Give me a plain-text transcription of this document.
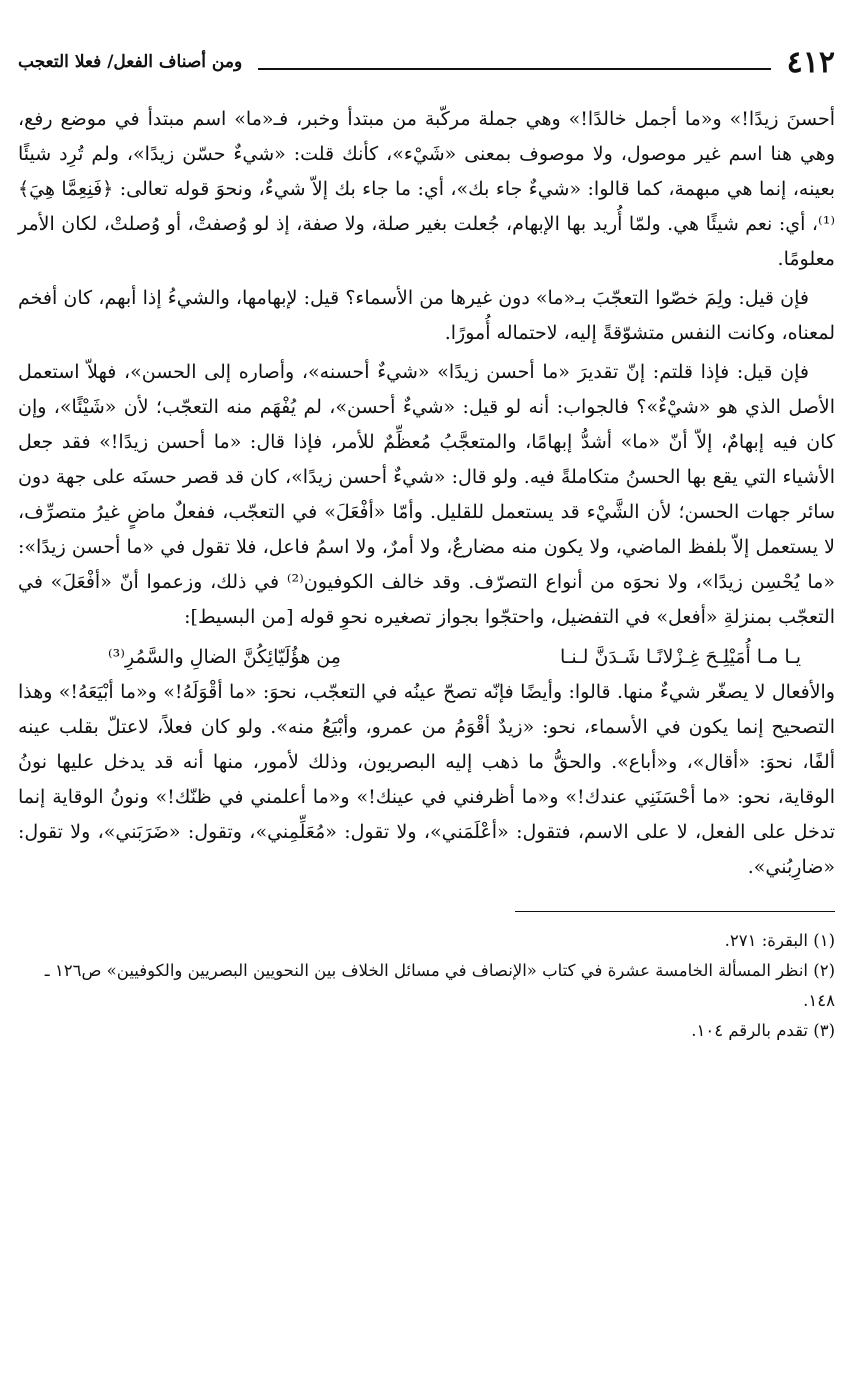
٤١٢
ومن أصناف الفعل/ فعلا التعجب

أحسنَ زيدًا!» و«ما أجمل خالدًا!» وهي جملة مركّبة من مبتدأ وخبر، فـ«ما» اسم مبتدأ في موضع رفع، وهي هنا اسم غير موصول، ولا موصوف بمعنى «شَيْء»، كأنك قلت: «شيءٌ حسّن زيدًا»، ولم تُرِد شيئًا بعينه، إنما هي مبهمة، كما قالوا: «شيءٌ جاء بك»، أي: ما جاء بك إلاّ شيءٌ، ونحوَ قوله تعالى: ﴿فَنِعِمَّا هِيَ﴾⁽¹⁾، أي: نعم شيئًا هي. ولمّا أُريد بها الإبهام، جُعلت بغير صلة، ولا صفة، إذ لو وُصفتْ، أو وُصلتْ، لكان الأمر معلومًا.

فإن قيل: ولِمَ خصّوا التعجّبَ بـ«ما» دون غيرها من الأسماء؟ قيل: لإبهامها، والشيءُ إذا أبهم، كان أفخم لمعناه، وكانت النفس متشوّقةً إليه، لاحتماله أُمورًا.

فإن قيل: فإذا قلتم: إنّ تقديرَ «ما أحسن زيدًا» «شيءٌ أحسنه»، وأصاره إلى الحسن»، فهلاّ استعمل الأصل الذي هو «شيْءٌ»؟ فالجواب: أنه لو قيل: «شيءٌ أحسن»، لم يُفْهَم منه التعجّب؛ لأن «شَيْئًا»، وإن كان فيه إبهامٌ، إلاّ أنّ «ما» أشدُّ إبهامًا، والمتعجَّبُ مُعظِّمٌ للأمر، فإذا قال: «ما أحسن زيدًا!» فقد جعل الأشياء التي يقع بها الحسنُ متكاملةً فيه. ولو قال: «شيءٌ أحسن زيدًا»، كان قد قصر حسنَه على جهة دون سائر جهات الحسن؛ لأن الشَّيْء قد يستعمل للقليل. وأمّا «أفْعَلَ» في التعجّب، ففعلٌ ماضٍ غيرُ متصرِّف، لا يستعمل إلاّ بلفظ الماضي، ولا يكون منه مضارعٌ، ولا أمرٌ، ولا اسمُ فاعل، فلا تقول في «ما أحسن زيدًا»: «ما يُحْسِن زيدًا»، ولا نحوَه من أنواع التصرّف. وقد خالف الكوفيون⁽²⁾ في ذلك، وزعموا أنّ «أفْعَلَ» في التعجّب بمنزلةِ «أفعل» في التفضيل، واحتجّوا بجواز تصغيره نحوِ قوله [من البسيط]:

يـا مـا أُمَيْلِـحَ غِـزْلانًـا شَـدَنَّ لـنـا
مِن هؤُلَيّائِكُنَّ الضالِ والسَّمُرِ⁽³⁾

والأفعال لا يصغّر شيءٌ منها. قالوا: وأيضًا فإنّه تصحّ عينُه في التعجّب، نحوَ: «ما أقْوَلَهُ!» و«ما أبْيَعَهُ!» وهذا التصحيح إنما يكون في الأسماء، نحو: «زيدٌ أقْوَمُ من عمرو، وأبْيَعُ منه». ولو كان فعلاً، لاعتلّ بقلب عينه ألفًا، نحوَ: «أقال»، و«أباع». والحقُّ ما ذهب إليه البصريون، وذلك لأمور، منها أنه قد يدخل عليها نونُ الوقاية، نحو: «ما أحْسَنَنِي عندك!» و«ما أظرفني في عينك!» و«ما أعلمني في ظنّك!» ونونُ الوقاية إنما تدخل على الفعل، لا على الاسم، فتقول: «أعْلَمَني»، ولا تقول: «مُعَلِّمِني»، وتقول: «ضَرَبَني»، ولا تقول: «ضارِبُني».

(١) البقرة: ٢٧١.

(٢) انظر المسألة الخامسة عشرة في كتاب «الإنصاف في مسائل الخلاف بين النحويين البصريين والكوفيين» ص١٢٦ ـ ١٤٨.

(٣) تقدم بالرقم ١٠٤.
